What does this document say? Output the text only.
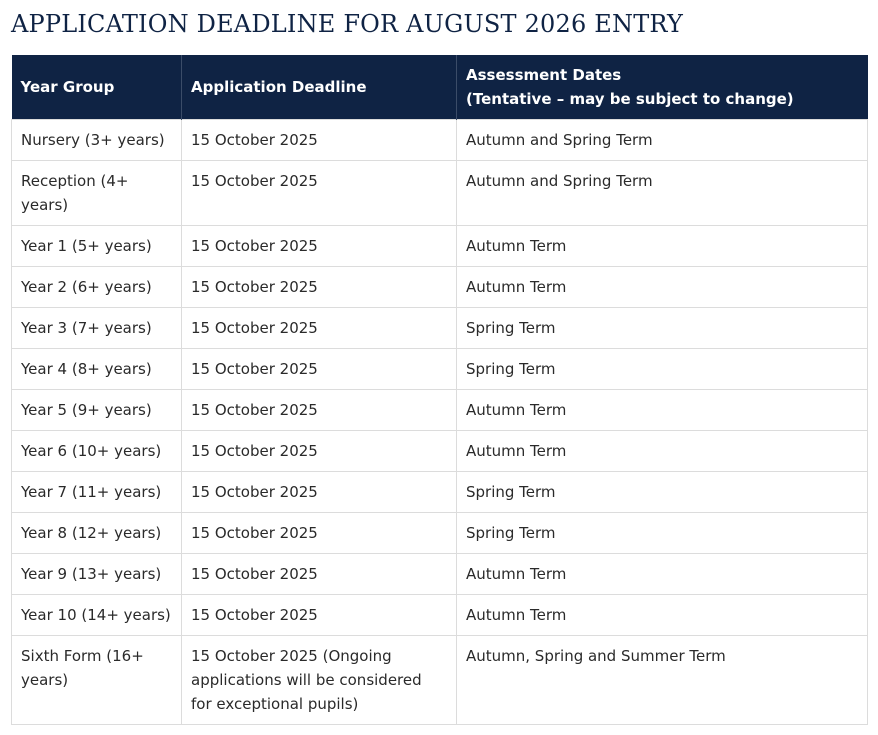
APPLICATION DEADLINE FOR AUGUST 2026 ENTRY
Year Group	Application Deadline	Assessment Dates
(Tentative – may be subject to change)

Nursery (3+ years)	15 October 2025	Autumn and Spring Term
Reception (4+ years)	15 October 2025	Autumn and Spring Term
Year 1 (5+ years)	15 October 2025	Autumn Term
Year 2 (6+ years)	15 October 2025	Autumn Term
Year 3 (7+ years)	15 October 2025	Spring Term
Year 4 (8+ years)	15 October 2025	Spring Term
Year 5 (9+ years)	15 October 2025	Autumn Term
Year 6 (10+ years)	15 October 2025	Autumn Term
Year 7 (11+ years)	15 October 2025	Spring Term
Year 8 (12+ years)	15 October 2025	Spring Term
Year 9 (13+ years)	15 October 2025	Autumn Term
Year 10 (14+ years)	15 October 2025	Autumn Term
Sixth Form (16+ years)	15 October 2025 (Ongoing applications will be considered for exceptional pupils)	Autumn, Spring and Summer Term
